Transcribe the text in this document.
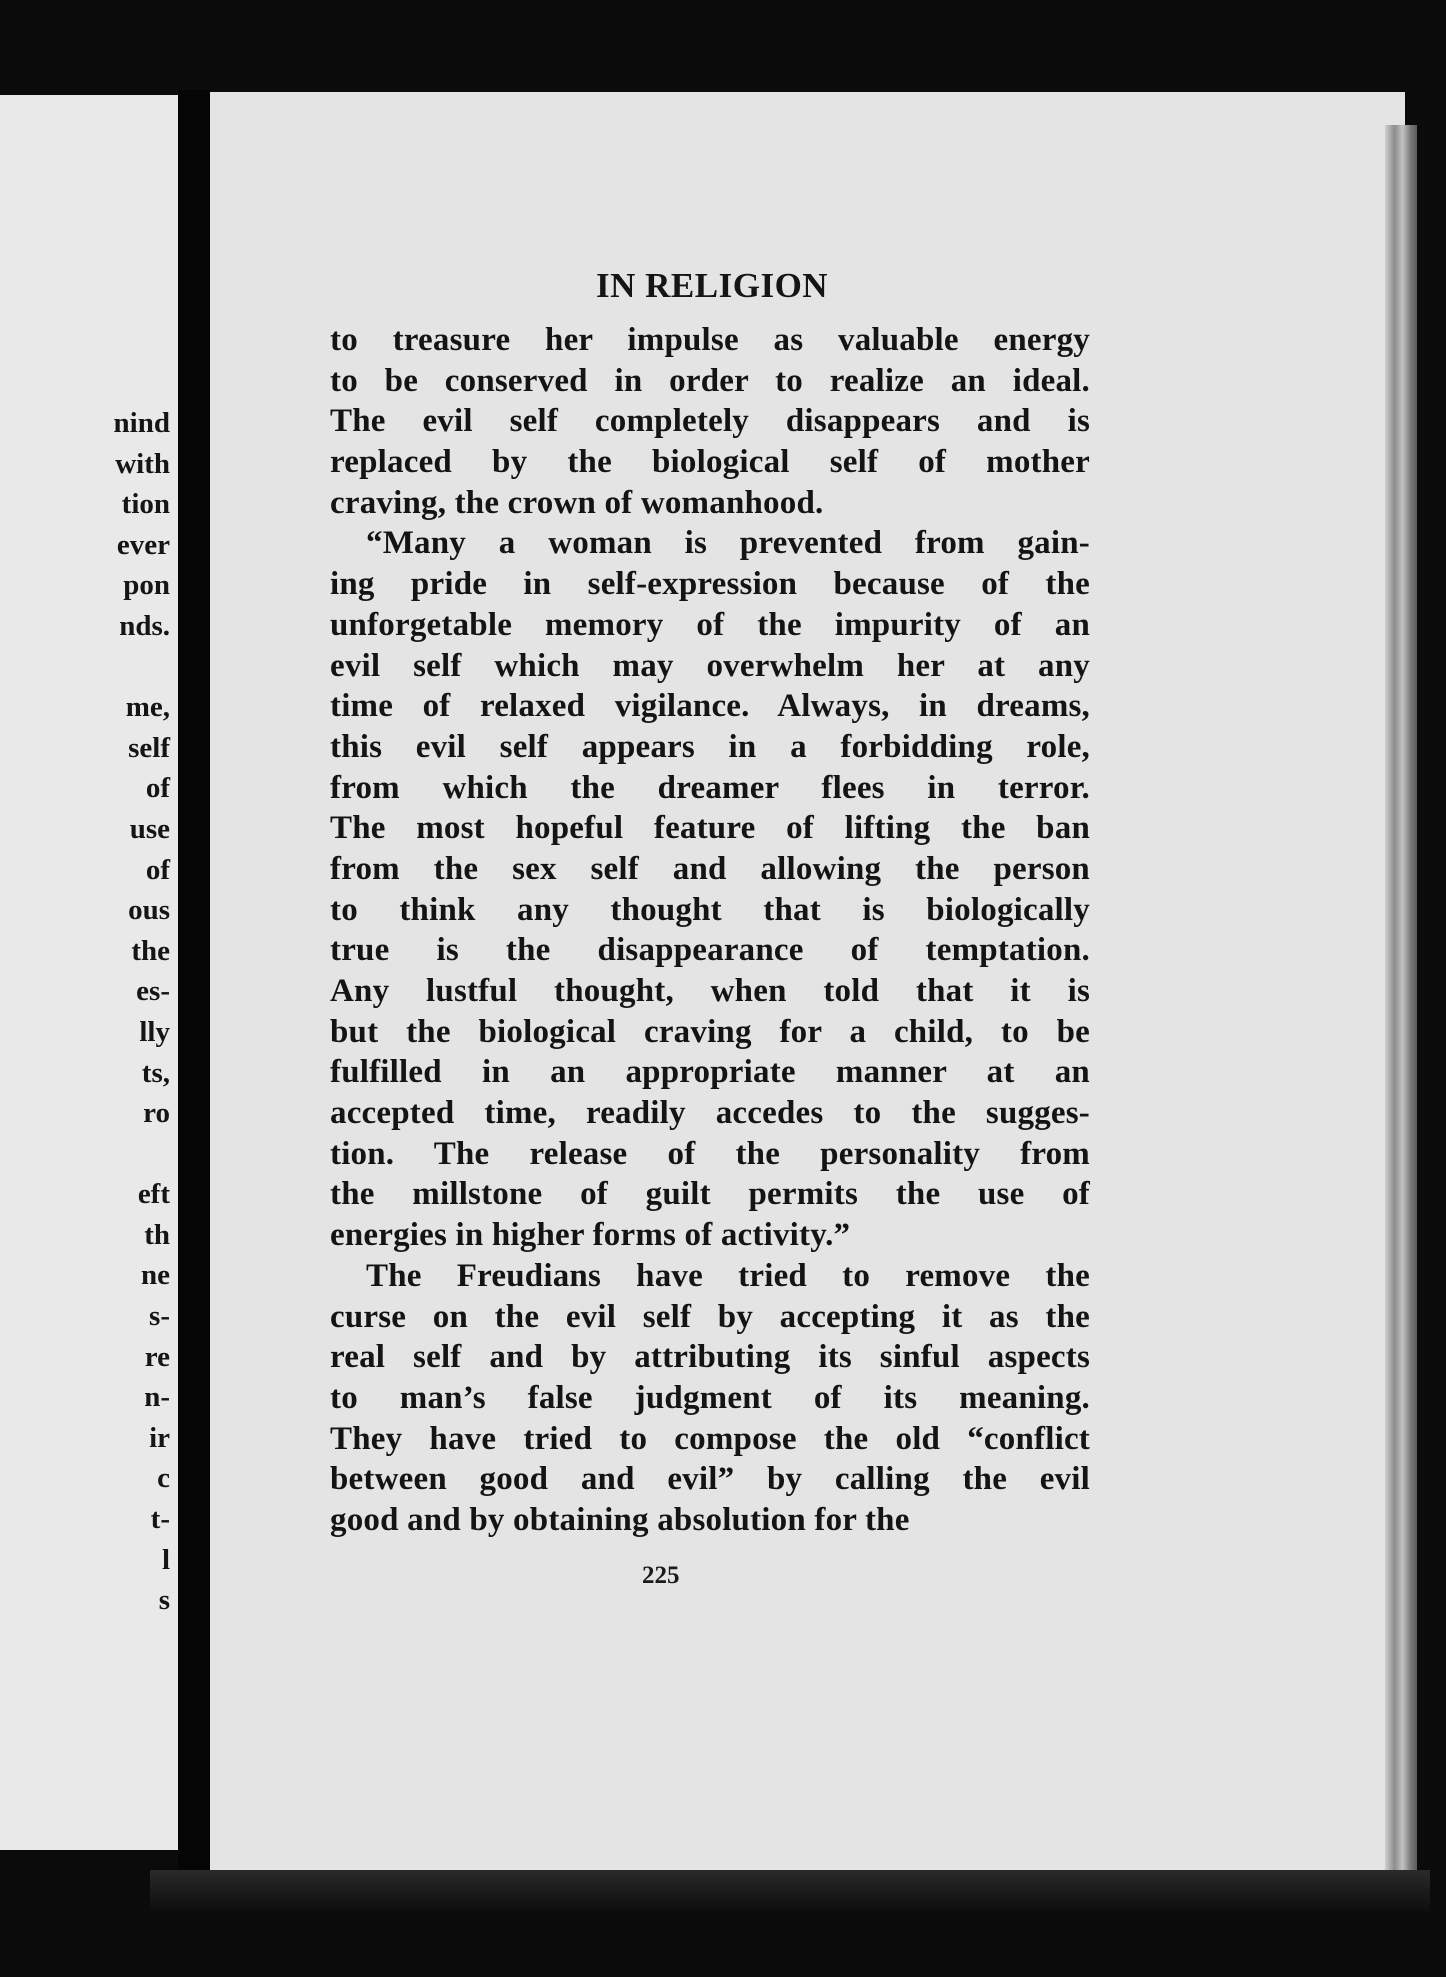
nind
with
tion
ever
pon
nds.
me,
self
of
use
of
ous
the
es-
lly
ts,
ro
eft
th
ne
s-
re
n-
ir
c
t-
l
s
IN RELIGION
to treasure her impulse as valuable energy
to be conserved in order to realize an ideal.
The evil self completely disappears and is
replaced by the biological self of mother
craving, the crown of womanhood.
“Many a woman is prevented from gain-
ing pride in self-expression because of the
unforgetable memory of the impurity of an
evil self which may overwhelm her at any
time of relaxed vigilance. Always, in dreams,
this evil self appears in a forbidding role,
from which the dreamer flees in terror.
The most hopeful feature of lifting the ban
from the sex self and allowing the person
to think any thought that is biologically
true is the disappearance of temptation.
Any lustful thought, when told that it is
but the biological craving for a child, to be
fulfilled in an appropriate manner at an
accepted time, readily accedes to the sugges-
tion. The release of the personality from
the millstone of guilt permits the use of
energies in higher forms of activity.”
The Freudians have tried to remove the
curse on the evil self by accepting it as the
real self and by attributing its sinful aspects
to man’s false judgment of its meaning.
They have tried to compose the old “conflict
between good and evil” by calling the evil
good and by obtaining absolution for the
225
